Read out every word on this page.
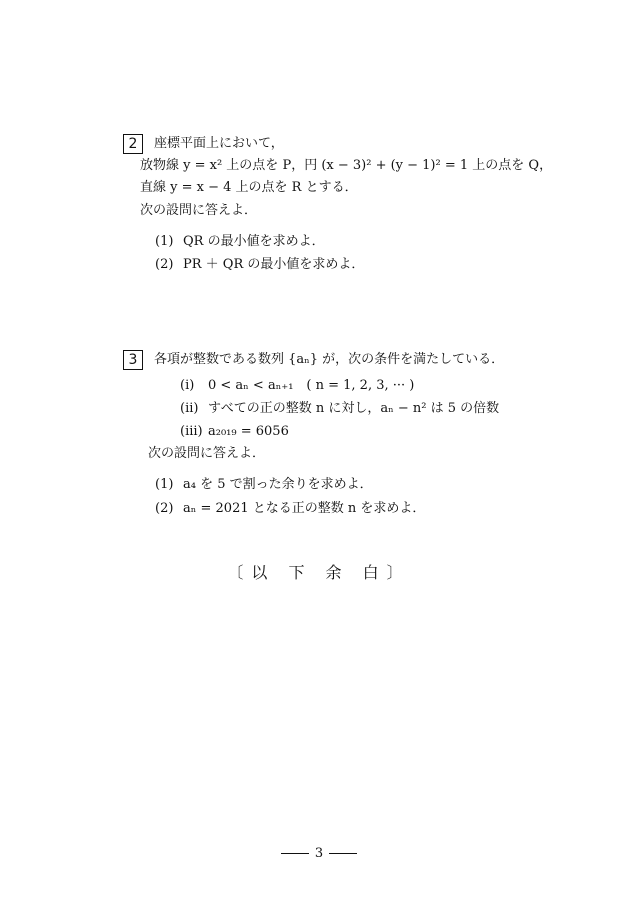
2	座標平面上において，
放物線 y = x² 上の点を P，円 (x − 3)² + (y − 1)² = 1 上の点を Q，
直線 y = x − 4 上の点を R とする．
次の設問に答えよ．
(1) QR の最小値を求めよ．
(2) PR ＋ QR の最小値を求めよ．
3	各項が整数である数列 {aₙ} が，次の条件を満たしている．
(i) 0 < aₙ < aₙ₊₁　( n = 1, 2, 3, ··· )
(ii) すべての正の整数 n に対し，aₙ − n² は 5 の倍数
(iii) a₂₀₁₉ = 6056
次の設問に答えよ．
(1) a₄ を 5 で割った余りを求めよ．
(2) aₙ = 2021 となる正の整数 n を求めよ．
〔以 下 余 白〕
3
